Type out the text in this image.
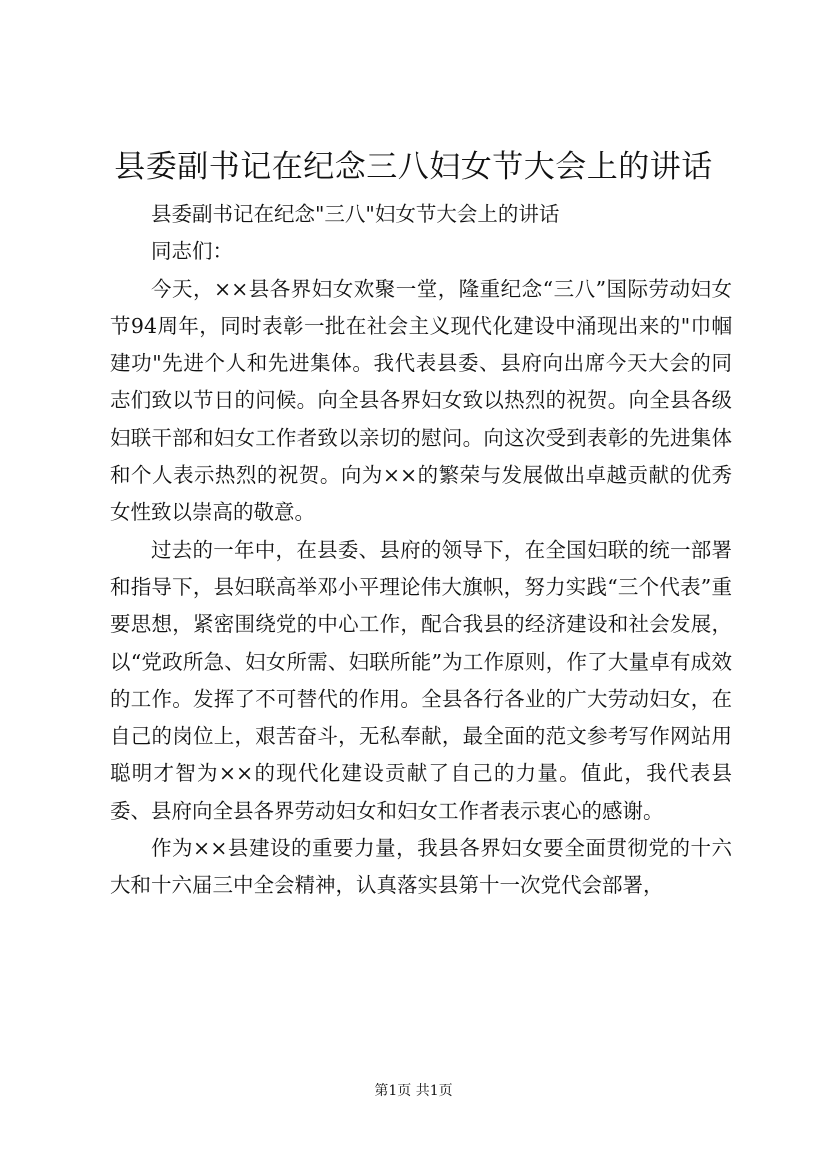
县委副书记在纪念三八妇女节大会上的讲话

县委副书记在纪念"三八"妇女节大会上的讲话

同志们：

今天，××县各界妇女欢聚一堂，隆重纪念“三八”国际劳动妇女节94周年，同时表彰一批在社会主义现代化建设中涌现出来的"巾帼建功"先进个人和先进集体。我代表县委、县府向出席今天大会的同志们致以节日的问候。向全县各界妇女致以热烈的祝贺。向全县各级妇联干部和妇女工作者致以亲切的慰问。向这次受到表彰的先进集体和个人表示热烈的祝贺。向为××的繁荣与发展做出卓越贡献的优秀女性致以崇高的敬意。

过去的一年中，在县委、县府的领导下，在全国妇联的统一部署和指导下，县妇联高举邓小平理论伟大旗帜，努力实践“三个代表”重要思想，紧密围绕党的中心工作，配合我县的经济建设和社会发展，以“党政所急、妇女所需、妇联所能”为工作原则，作了大量卓有成效的工作。发挥了不可替代的作用。全县各行各业的广大劳动妇女，在自己的岗位上，艰苦奋斗，无私奉献，最全面的范文参考写作网站用聪明才智为××的现代化建设贡献了自己的力量。值此，我代表县委、县府向全县各界劳动妇女和妇女工作者表示衷心的感谢。

作为××县建设的重要力量，我县各界妇女要全面贯彻党的十六大和十六届三中全会精神，认真落实县第十一次党代会部署，

第1页 共1页
